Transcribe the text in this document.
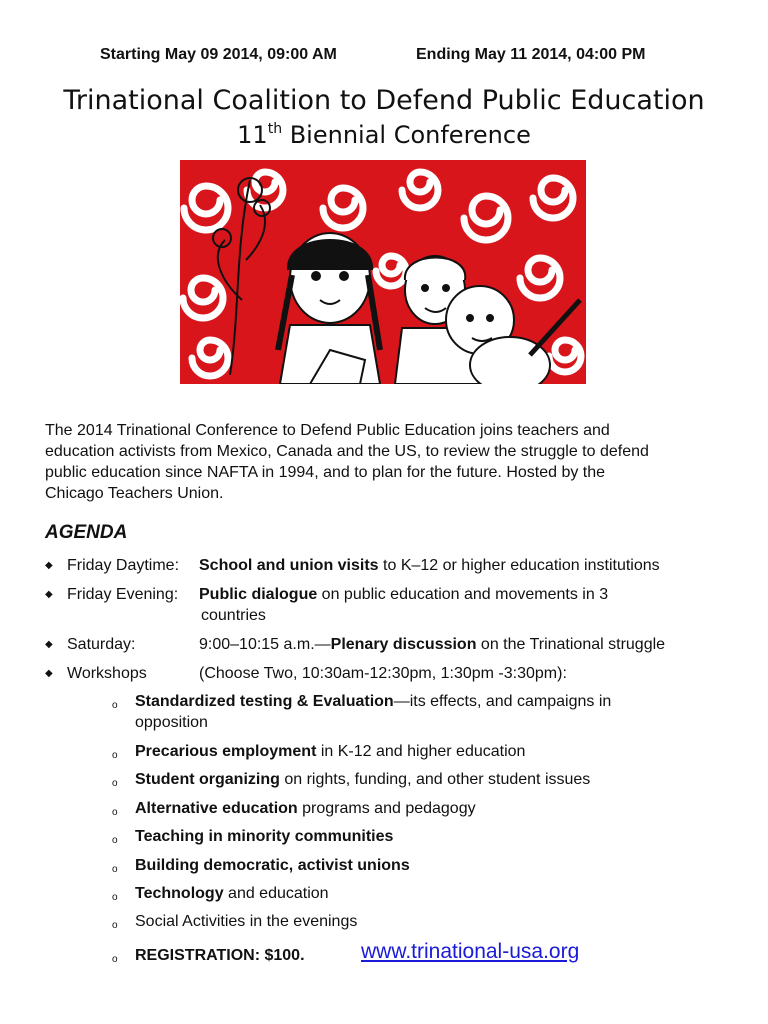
Starting May 09 2014, 09:00 AM	Ending May 11 2014, 04:00 PM
Trinational Coalition to Defend Public Education
11th Biennial Conference
The 2014 Trinational Conference to Defend Public Education joins teachers and
education activists from Mexico, Canada and the US, to review the struggle to defend
public education since NAFTA in 1994, and to plan for the future. Hosted by the
Chicago Teachers Union.
AGENDA
◆ Friday Daytime: School and union visits to K–12 or higher education institutions
◆ Friday Evening: Public dialogue on public education and movements in 3
countries
◆ Saturday:	9:00–10:15 a.m.—Plenary discussion on the Trinational struggle
◆ Workshops	(Choose Two, 10:30am-12:30pm, 1:30pm -3:30pm):
o Standardized testing & Evaluation—its effects, and campaigns in
opposition
o Precarious employment in K-12 and higher education
o Student organizing on rights, funding, and other student issues
o Alternative education programs and pedagogy
o Teaching in minority communities
o Building democratic, activist unions
o Technology and education
o Social Activities in the evenings
o REGISTRATION: $100.	www.trinational-usa.org
